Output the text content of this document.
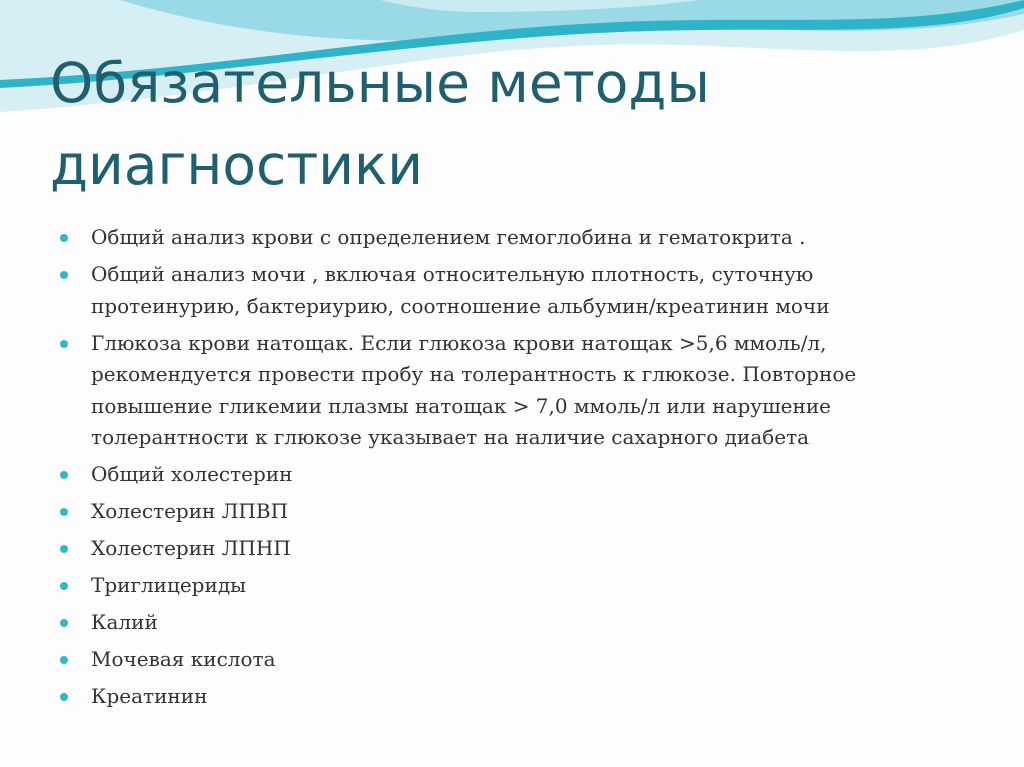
Обязательные методы
диагностики
Общий анализ крови с определением гемоглобина и гематокрита .
Общий анализ мочи , включая относительную плотность, суточную протеинурию, бактериурию, соотношение альбумин/креатинин мочи
Глюкоза крови натощак. Если глюкоза крови натощак >5,6 ммоль/л, рекомендуется провести пробу на толерантность к глюкозе. Повторное повышение гликемии плазмы натощак > 7,0 ммоль/л или нарушение толерантности к глюкозе указывает на наличие сахарного диабета
Общий холестерин
Холестерин ЛПВП
Холестерин ЛПНП
Триглицериды
Калий
Мочевая кислота
Креатинин
